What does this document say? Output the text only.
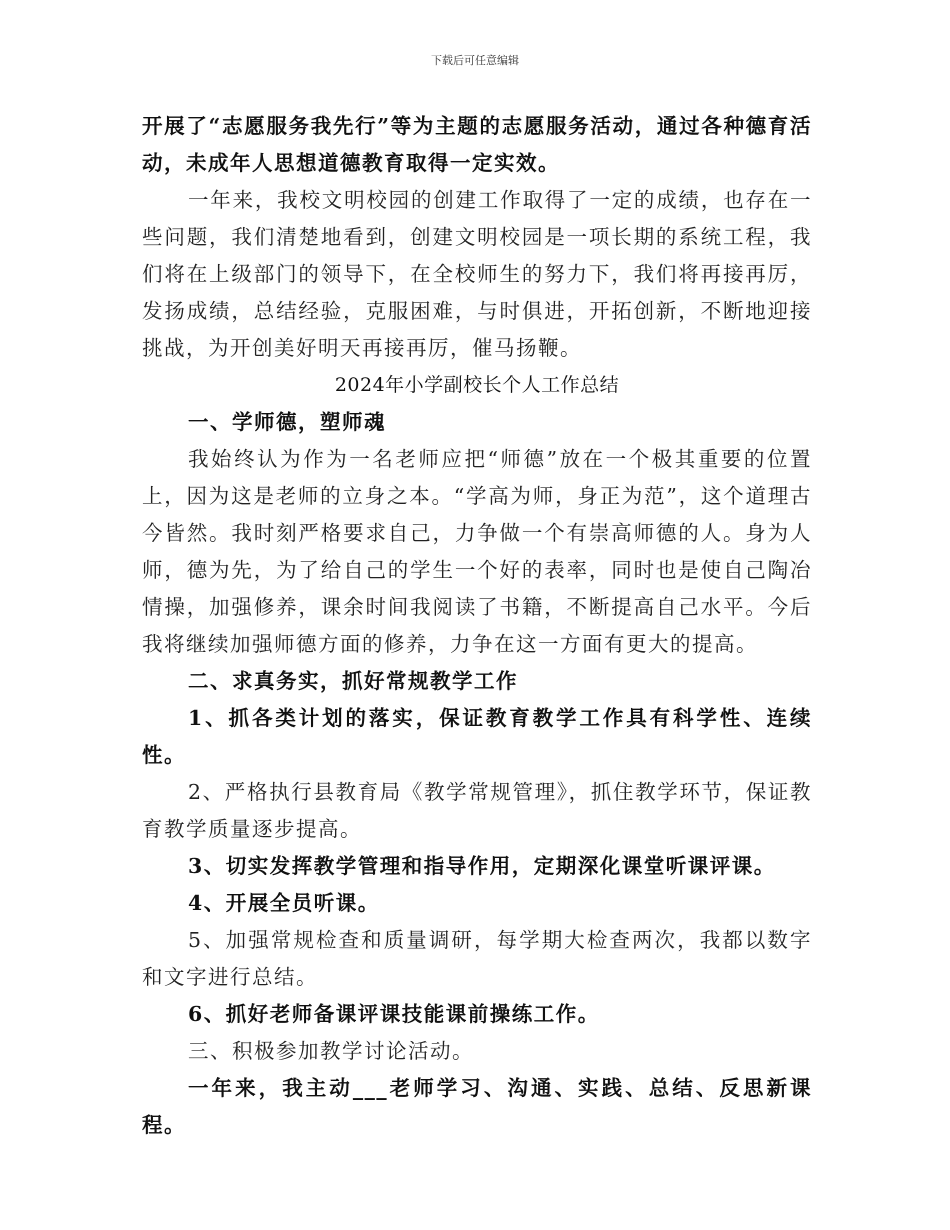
下载后可任意编辑

开展了“志愿服务我先行”等为主题的志愿服务活动，通过各种德育活动，未成年人思想道德教育取得一定实效。

一年来，我校文明校园的创建工作取得了一定的成绩，也存在一些问题，我们清楚地看到，创建文明校园是一项长期的系统工程，我们将在上级部门的领导下，在全校师生的努力下，我们将再接再厉，发扬成绩，总结经验，克服困难，与时俱进，开拓创新，不断地迎接挑战，为开创美好明天再接再厉，催马扬鞭。

2024年小学副校长个人工作总结

一、学师德，塑师魂

我始终认为作为一名老师应把“师德”放在一个极其重要的位置上，因为这是老师的立身之本。“学高为师，身正为范”，这个道理古今皆然。我时刻严格要求自己，力争做一个有崇高师德的人。身为人师，德为先，为了给自己的学生一个好的表率，同时也是使自己陶冶情操，加强修养，课余时间我阅读了书籍，不断提高自己水平。今后我将继续加强师德方面的修养，力争在这一方面有更大的提高。

二、求真务实，抓好常规教学工作

1、抓各类计划的落实，保证教育教学工作具有科学性、连续性。

2、严格执行县教育局《教学常规管理》，抓住教学环节，保证教育教学质量逐步提高。

3、切实发挥教学管理和指导作用，定期深化课堂听课评课。

4、开展全员听课。

5、加强常规检查和质量调研，每学期大检查两次，我都以数字和文字进行总结。

6、抓好老师备课评课技能课前操练工作。

三、积极参加教学讨论活动。

一年来，我主动___老师学习、沟通、实践、总结、反思新课程。
